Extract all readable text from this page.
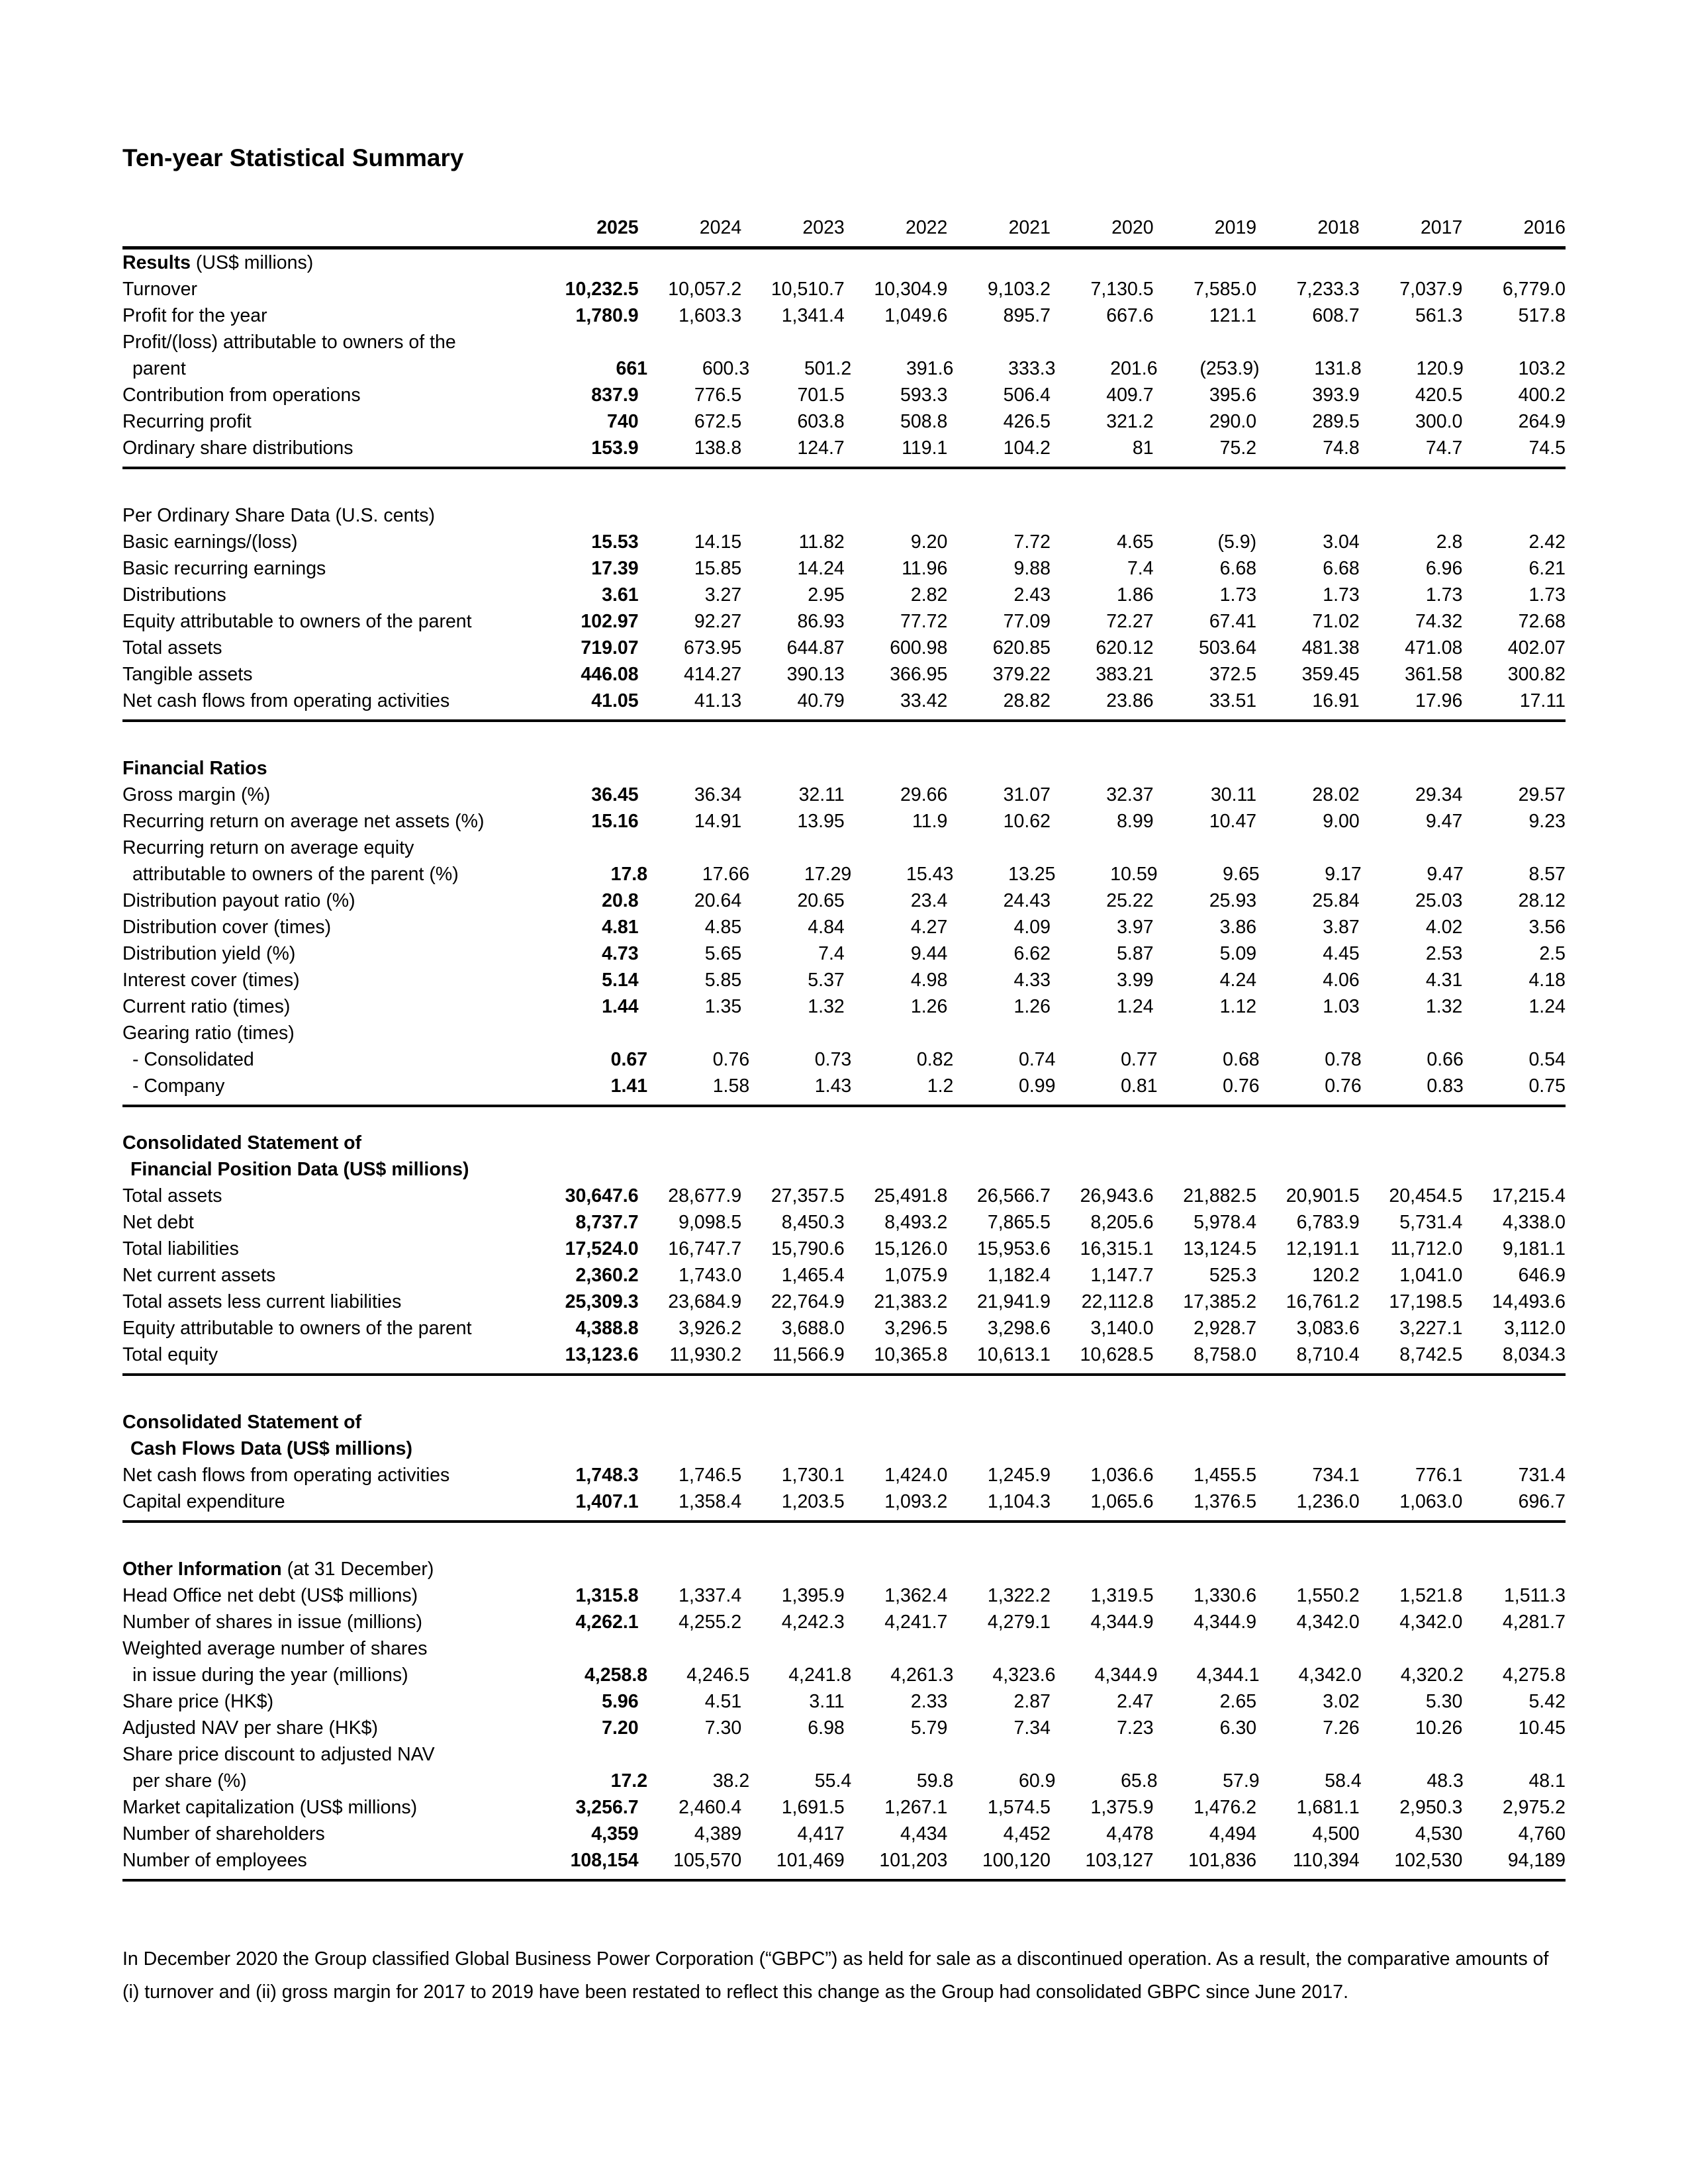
Ten-year Statistical Summary
2025	2024	2023	2022	2021	2020	2019	2018	2017	2016
Results (US$ millions)
Turnover	10,232.5	10,057.2	10,510.7	10,304.9	9,103.2	7,130.5	7,585.0	7,233.3	7,037.9	6,779.0
Profit for the year	1,780.9	1,603.3	1,341.4	1,049.6	895.7	667.6	121.1	608.7	561.3	517.8
Profit/(loss) attributable to owners of the
parent	661	600.3	501.2	391.6	333.3	201.6	(253.9)	131.8	120.9	103.2
Contribution from operations	837.9	776.5	701.5	593.3	506.4	409.7	395.6	393.9	420.5	400.2
Recurring profit	740	672.5	603.8	508.8	426.5	321.2	290.0	289.5	300.0	264.9
Ordinary share distributions	153.9	138.8	124.7	119.1	104.2	81	75.2	74.8	74.7	74.5
Per Ordinary Share Data (U.S. cents)
Basic earnings/(loss)	15.53	14.15	11.82	9.20	7.72	4.65	(5.9)	3.04	2.8	2.42
Basic recurring earnings	17.39	15.85	14.24	11.96	9.88	7.4	6.68	6.68	6.96	6.21
Distributions	3.61	3.27	2.95	2.82	2.43	1.86	1.73	1.73	1.73	1.73
Equity attributable to owners of the parent	102.97	92.27	86.93	77.72	77.09	72.27	67.41	71.02	74.32	72.68
Total assets	719.07	673.95	644.87	600.98	620.85	620.12	503.64	481.38	471.08	402.07
Tangible assets	446.08	414.27	390.13	366.95	379.22	383.21	372.5	359.45	361.58	300.82
Net cash flows from operating activities	41.05	41.13	40.79	33.42	28.82	23.86	33.51	16.91	17.96	17.11
Financial Ratios
Gross margin (%)	36.45	36.34	32.11	29.66	31.07	32.37	30.11	28.02	29.34	29.57
Recurring return on average net assets (%)	15.16	14.91	13.95	11.9	10.62	8.99	10.47	9.00	9.47	9.23
Recurring return on average equity
attributable to owners of the parent (%)	17.8	17.66	17.29	15.43	13.25	10.59	9.65	9.17	9.47	8.57
Distribution payout ratio (%)	20.8	20.64	20.65	23.4	24.43	25.22	25.93	25.84	25.03	28.12
Distribution cover (times)	4.81	4.85	4.84	4.27	4.09	3.97	3.86	3.87	4.02	3.56
Distribution yield (%)	4.73	5.65	7.4	9.44	6.62	5.87	5.09	4.45	2.53	2.5
Interest cover (times)	5.14	5.85	5.37	4.98	4.33	3.99	4.24	4.06	4.31	4.18
Current ratio (times)	1.44	1.35	1.32	1.26	1.26	1.24	1.12	1.03	1.32	1.24
Gearing ratio (times)
- Consolidated	0.67	0.76	0.73	0.82	0.74	0.77	0.68	0.78	0.66	0.54
- Company	1.41	1.58	1.43	1.2	0.99	0.81	0.76	0.76	0.83	0.75
Consolidated Statement of
Financial Position Data (US$ millions)
Total assets	30,647.6	28,677.9	27,357.5	25,491.8	26,566.7	26,943.6	21,882.5	20,901.5	20,454.5	17,215.4
Net debt	8,737.7	9,098.5	8,450.3	8,493.2	7,865.5	8,205.6	5,978.4	6,783.9	5,731.4	4,338.0
Total liabilities	17,524.0	16,747.7	15,790.6	15,126.0	15,953.6	16,315.1	13,124.5	12,191.1	11,712.0	9,181.1
Net current assets	2,360.2	1,743.0	1,465.4	1,075.9	1,182.4	1,147.7	525.3	120.2	1,041.0	646.9
Total assets less current liabilities	25,309.3	23,684.9	22,764.9	21,383.2	21,941.9	22,112.8	17,385.2	16,761.2	17,198.5	14,493.6
Equity attributable to owners of the parent	4,388.8	3,926.2	3,688.0	3,296.5	3,298.6	3,140.0	2,928.7	3,083.6	3,227.1	3,112.0
Total equity	13,123.6	11,930.2	11,566.9	10,365.8	10,613.1	10,628.5	8,758.0	8,710.4	8,742.5	8,034.3
Consolidated Statement of
Cash Flows Data (US$ millions)
Net cash flows from operating activities	1,748.3	1,746.5	1,730.1	1,424.0	1,245.9	1,036.6	1,455.5	734.1	776.1	731.4
Capital expenditure	1,407.1	1,358.4	1,203.5	1,093.2	1,104.3	1,065.6	1,376.5	1,236.0	1,063.0	696.7
Other Information (at 31 December)
Head Office net debt (US$ millions)	1,315.8	1,337.4	1,395.9	1,362.4	1,322.2	1,319.5	1,330.6	1,550.2	1,521.8	1,511.3
Number of shares in issue (millions)	4,262.1	4,255.2	4,242.3	4,241.7	4,279.1	4,344.9	4,344.9	4,342.0	4,342.0	4,281.7
Weighted average number of shares
in issue during the year (millions)	4,258.8	4,246.5	4,241.8	4,261.3	4,323.6	4,344.9	4,344.1	4,342.0	4,320.2	4,275.8
Share price (HK$)	5.96	4.51	3.11	2.33	2.87	2.47	2.65	3.02	5.30	5.42
Adjusted NAV per share (HK$)	7.20	7.30	6.98	5.79	7.34	7.23	6.30	7.26	10.26	10.45
Share price discount to adjusted NAV
per share (%)	17.2	38.2	55.4	59.8	60.9	65.8	57.9	58.4	48.3	48.1
Market capitalization (US$ millions)	3,256.7	2,460.4	1,691.5	1,267.1	1,574.5	1,375.9	1,476.2	1,681.1	2,950.3	2,975.2
Number of shareholders	4,359	4,389	4,417	4,434	4,452	4,478	4,494	4,500	4,530	4,760
Number of employees	108,154	105,570	101,469	101,203	100,120	103,127	101,836	110,394	102,530	94,189
In December 2020 the Group classified Global Business Power Corporation (“GBPC”) as held for sale as a discontinued operation. As a result, the comparative amounts of (i) turnover and (ii) gross margin for 2017 to 2019 have been restated to reflect this change as the Group had consolidated GBPC since June 2017.
